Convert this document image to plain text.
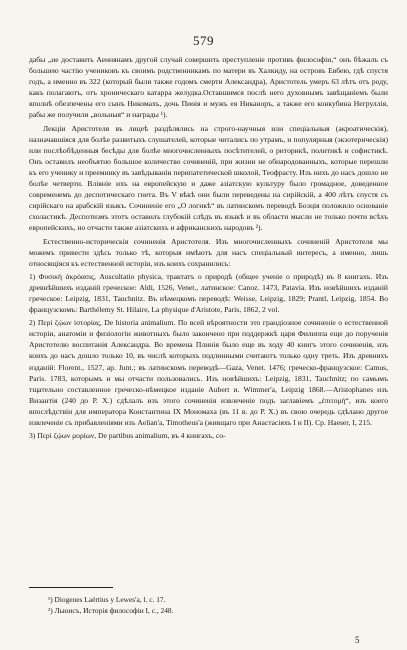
579

дабы „не доставить Аеинянамъ другой случай совершить преступленіе противъ философіи,“ онъ бѣжалъ съ большею частію учениковъ къ своимъ родственникамъ по матери въ Халкиду, на островъ Евбею, гдѣ спустя годъ, а именно въ 322 (который были также годомъ смерти Александра), Аристотель умеръ 63 лѣтъ отъ роду, какъ полагаютъ, отъ хроническаго катарра желудка.Оставшимся послѣ него духовнымъ завѣщаніемъ были вполнѣ обезпечены его сынъ Никомахъ, дочь Пиѳія и мужъ ея Никаноръ, а также его конкубина Негруллія, рабы же получили „вольныя“ и награды ¹).

Лекціи Аристотеля въ лицеѣ раздѣлялись на строго-научныя или спеціальныя (акроатическія), назначавшіяся для болѣе развитыхъ слушателей, которые читались по утрамъ, и популярныя (экзотерическія) или послѣобѣденныя бесѣды для болѣе многочисленныхъ посѣтителей, о риторикѣ, политикѣ и софистикѣ. Онъ оставилъ необъятно большое количество сочиненій, при жизни не обнародованныхъ, которые перешли къ его ученику и преемнику въ завѣдываніи перипатетической школой, Теофрасту. Изъ нихъ до насъ дошло не болѣе четверти. Вліяніе ихъ на европейскую и даже азіатскую культуру было громадное, доведенное современемъ до деспотическаго гнета. Въ V вѣкѣ они были переведены на сирійскій, а 400 лѣтъ спустя съ сирійскаго на арабскій языкъ. Сочиненіе его „О логикѣ“ въ латинскомъ переводѣ Боэція положило основаніе схоластикѣ. Деспотизмъ этотъ оставилъ глубокій слѣдъ въ языкѣ и въ области мысли не только почти всѣхъ европейскихъ, но отчасти также азіатскихъ и африканскихъ народовъ ²).

Естественно-историческія сочиненія Аристотеля. Изъ многочисленныхъ сочиненій Аристотеля мы можемъ привести здѣсь только тѣ, которыя имѣютъ для насъ спеціальный интересъ, а именно, лишь относящіяся къ естественной исторіи, изъ коихъ сохранились:

1) Φυσικὴ ἀκρόασις, Auscultatio physica, трактатъ о природѣ (общее ученіе о природѣ) въ 8 книгахъ. Изъ древнѣйшихъ изданій греческое: Aldi, 1526, Venet., латинское: Canoz. 1473, Patavia. Изъ новѣйшихъ изданій греческое: Leipzig, 1831, Tauchnitz. Въ нѣмецкомъ переводѣ: Weisse, Leipzig, 1829; Prantl, Leipzig, 1854. Во французскомъ: Barthélemy St. Hilaire, La physique d'Aristote, Paris, 1862, 2 vol.

2) Περὶ ζῴων ἱστορίας, De historia animalium. По всей вѣроятности это грандіозное сочиненіе о естественной исторіи, анатоміи и физіологіи животныхъ было закончено при поддержкѣ царя Филиппа еще до порученія Аристотелю воспитанія Александра. Во времена Плинія было еще въ ходу 40 книгъ этого сочиненія, изъ коихъ до насъ дошло только 10, въ числѣ которыхъ подлинными считаютъ только одну треть. Изъ древнихъ изданій: Florent., 1527, ap. Junt.; въ латинскомъ переводѣ—Gaza, Venet. 1476; греческо-французское: Camus, Paris. 1783, которымъ и мы отчасти пользовались. Изъ новѣйшихъ: Leipzig, 1831, Tauchnitz; по самымъ тщательно составленное греческо-нѣмецкое изданіе Aubert и. Wimmer'a, Leipzig 1868.—Aristophanes изъ Византія (240 до Р. Х.) сдѣлалъ изъ этого сочиненія извлеченіе подъ заглавіемъ „ἐπιτομή“, изъ коего впослѣдствіи для императора Константина IX Мономаха (въ 11 в. до Р. Х.) въ свою очередь сдѣлано другое извлеченіе съ прибавленіями изъ Aelian'a, Timotheus'a (живщаго при Анастасіяхъ I и II). Ср. Haeser, I, 215.

3) Περὶ ζῴων μορίων, De partibus animalium, въ 4 книгахъ, со-

¹) Diogenes Laërtius у Lewes'a, l. c. 17.
²) Льюисъ, Исторія философіи І, с., 248.
5
